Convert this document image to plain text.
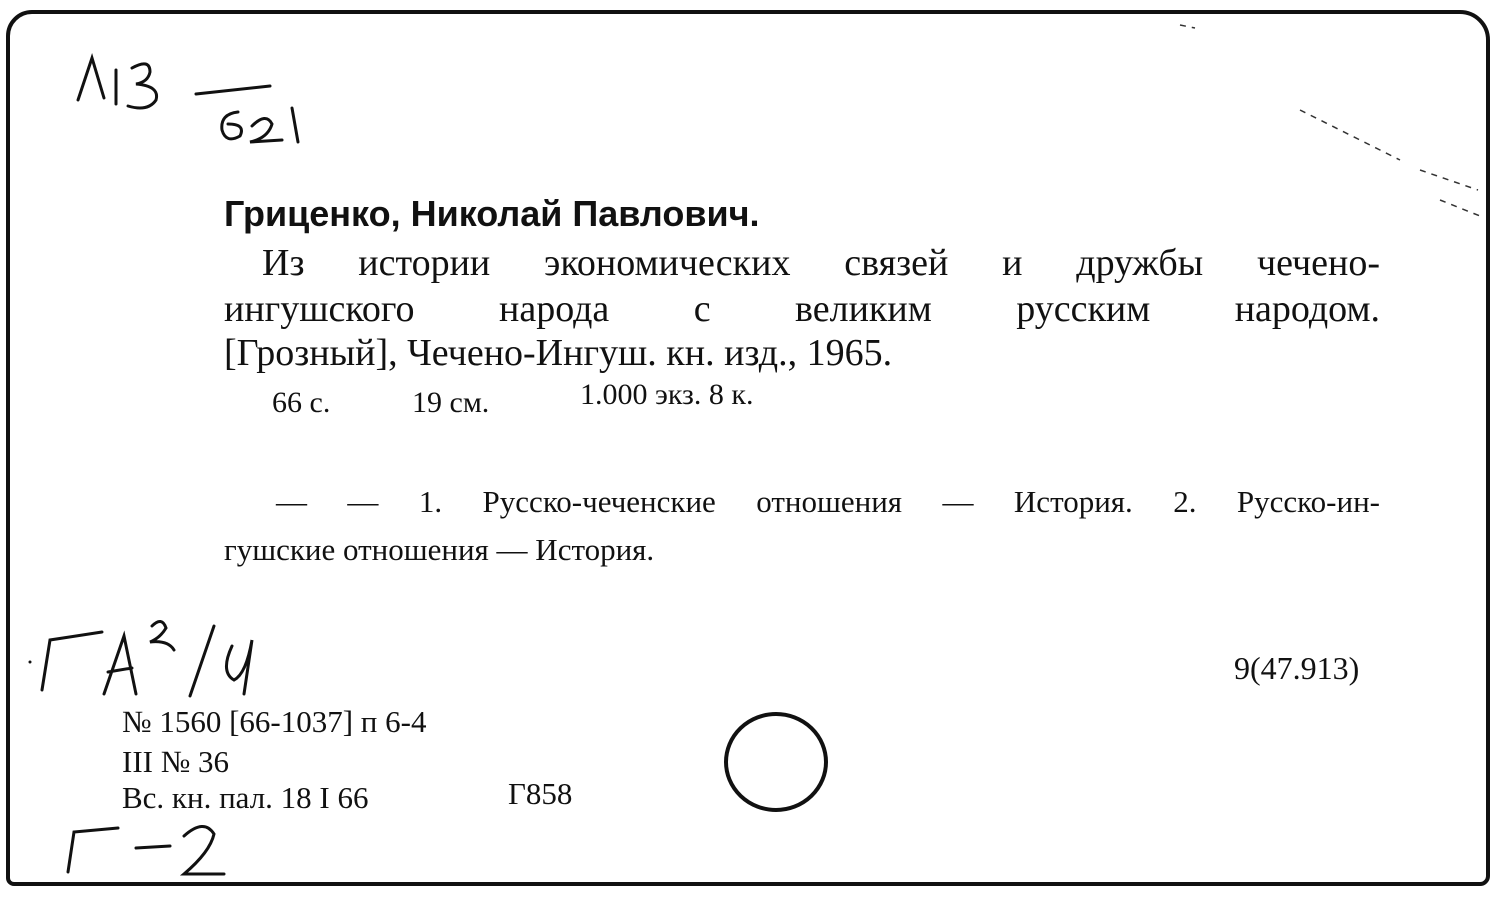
Гриценко, Николай Павлович.
Из истории экономических связей и дружбы чечено-
ингушского народа с великим русским народом.
[Грозный], Чечено-Ингуш. кн. изд., 1965.
66 с.	19 см.	1.000 экз. 8 к.
— — 1. Русско-чеченские отношения — История. 2. Русско-ин-
гушские отношения — История.
9(47.913)
№ 1560 [66-1037] п 6-4
III № 36
Вс. кн. пал. 18 I 66	Г858
